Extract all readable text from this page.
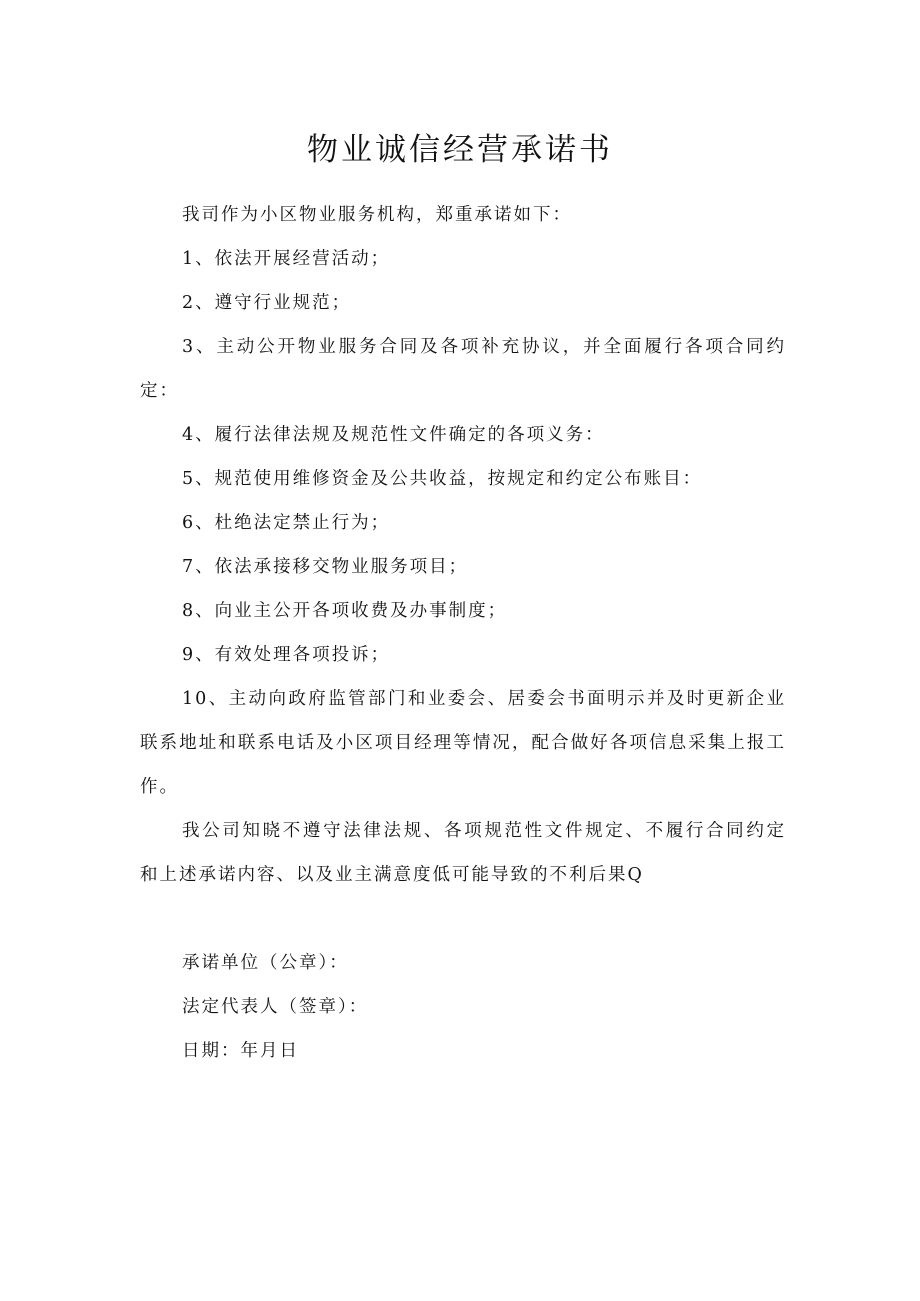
物业诚信经营承诺书

我司作为小区物业服务机构，郑重承诺如下：

1、依法开展经营活动；

2、遵守行业规范；

3、主动公开物业服务合同及各项补充协议，并全面履行各项合同约定：

4、履行法律法规及规范性文件确定的各项义务：

5、规范使用维修资金及公共收益，按规定和约定公布账目：

6、杜绝法定禁止行为；

7、依法承接移交物业服务项目；

8、向业主公开各项收费及办事制度；

9、有效处理各项投诉；

10、主动向政府监管部门和业委会、居委会书面明示并及时更新企业联系地址和联系电话及小区项目经理等情况，配合做好各项信息采集上报工作。

我公司知晓不遵守法律法规、各项规范性文件规定、不履行合同约定和上述承诺内容、以及业主满意度低可能导致的不利后果Q

承诺单位（公章）：

法定代表人（签章）：

日期：年月日
